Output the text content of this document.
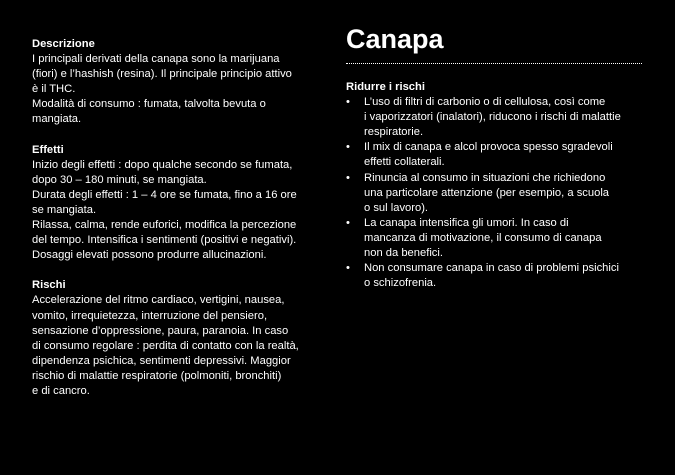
Descrizione
I principali derivati della canapa sono la marijuana
(fiori) e l’hashish (resina). Il principale principio attivo
è il THC.
Modalità di consumo : fumata, talvolta bevuta o
mangiata.
Effetti
Inizio degli effetti : dopo qualche secondo se fumata,
dopo 30 – 180 minuti, se mangiata.
Durata degli effetti : 1 – 4 ore se fumata, fino a 16 ore
se mangiata.
Rilassa, calma, rende euforici, modifica la percezione
del tempo. Intensifica i sentimenti (positivi e negativi).
Dosaggi elevati possono produrre allucinazioni.
Rischi
Accelerazione del ritmo cardiaco, vertigini, nausea,
vomito, irrequietezza, interruzione del pensiero,
sensazione d’oppressione, paura, paranoia. In caso
di consumo regolare : perdita di contatto con la realtà,
dipendenza psichica, sentimenti depressivi. Maggior
rischio di malattie respiratorie (polmoniti, bronchiti)
e di cancro.
Canapa
Ridurre i rischi
• L’uso di filtri di carbonio o di cellulosa, così come
i vaporizzatori (inalatori), riducono i rischi di malattie
respiratorie.
• Il mix di canapa e alcol provoca spesso sgradevoli
effetti collaterali.
• Rinuncia al consumo in situazioni che richiedono
una particolare attenzione (per esempio, a scuola
o sul lavoro).
• La canapa intensifica gli umori. In caso di
mancanza di motivazione, il consumo di canapa
non da benefici.
• Non consumare canapa in caso di problemi psichici
o schizofrenia.
